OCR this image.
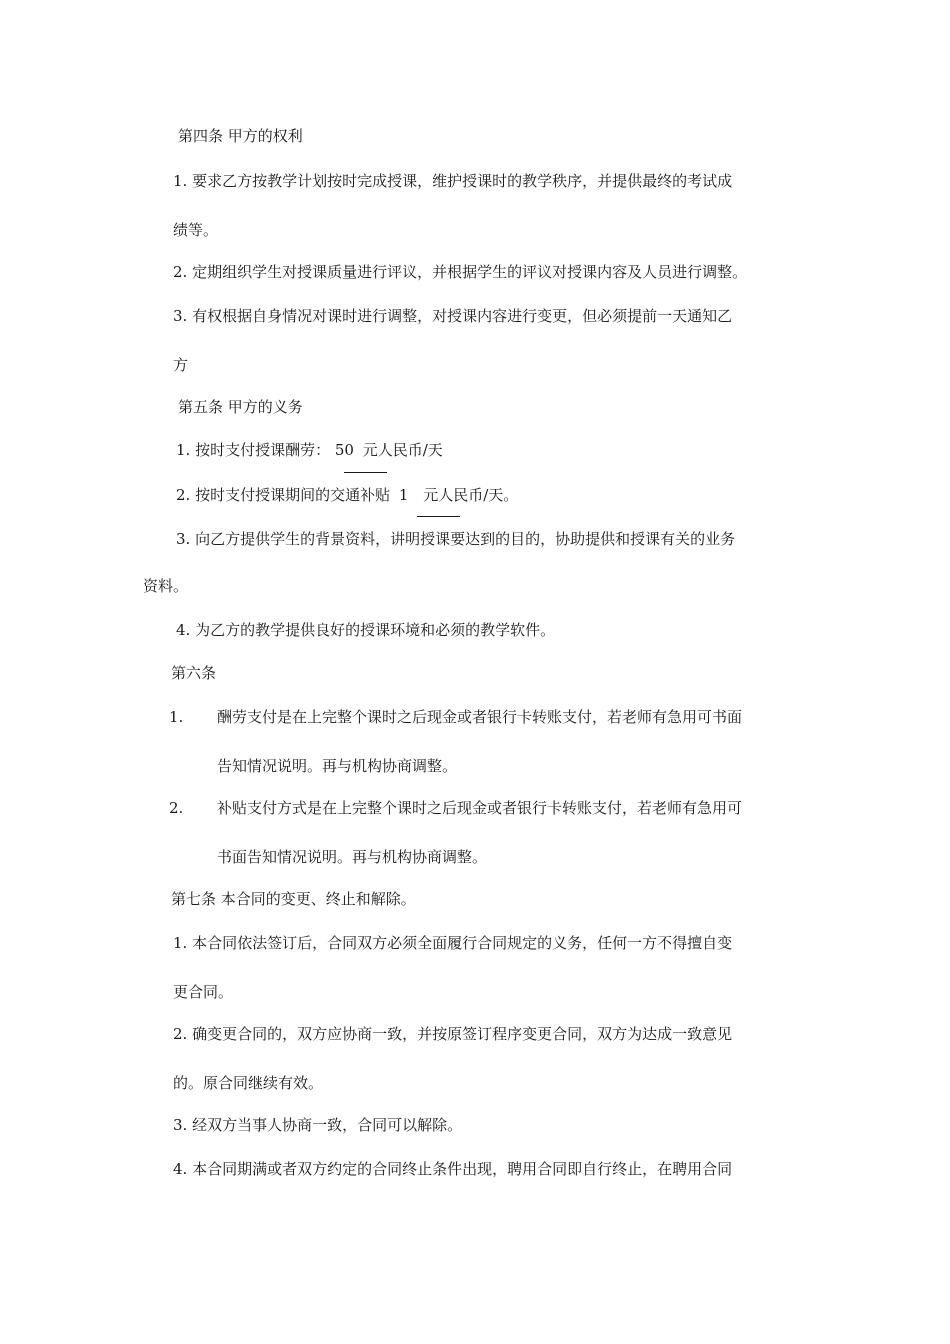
第四条 甲方的权利
1. 要求乙方按教学计划按时完成授课，维护授课时的教学秩序，并提供最终的考试成
绩等。
2. 定期组织学生对授课质量进行评议，并根据学生的评议对授课内容及人员进行调整。
3. 有权根据自身情况对课时进行调整，对授课内容进行变更，但必须提前一天通知乙
方
第五条 甲方的义务
1. 按时支付授课酬劳： 50 元人民币/天
2. 按时支付授课期间的交通补贴 1 元人民币/天。
3. 向乙方提供学生的背景资料，讲明授课要达到的目的，协助提供和授课有关的业务
资料。
4. 为乙方的教学提供良好的授课环境和必须的教学软件。
第六条
1. 酬劳支付是在上完整个课时之后现金或者银行卡转账支付，若老师有急用可书面
告知情况说明。再与机构协商调整。
2. 补贴支付方式是在上完整个课时之后现金或者银行卡转账支付，若老师有急用可
书面告知情况说明。再与机构协商调整。
第七条 本合同的变更、终止和解除。
1. 本合同依法签订后，合同双方必须全面履行合同规定的义务，任何一方不得擅自变
更合同。
2. 确变更合同的，双方应协商一致，并按原签订程序变更合同，双方为达成一致意见
的。原合同继续有效。
3. 经双方当事人协商一致，合同可以解除。
4. 本合同期满或者双方约定的合同终止条件出现，聘用合同即自行终止，在聘用合同
